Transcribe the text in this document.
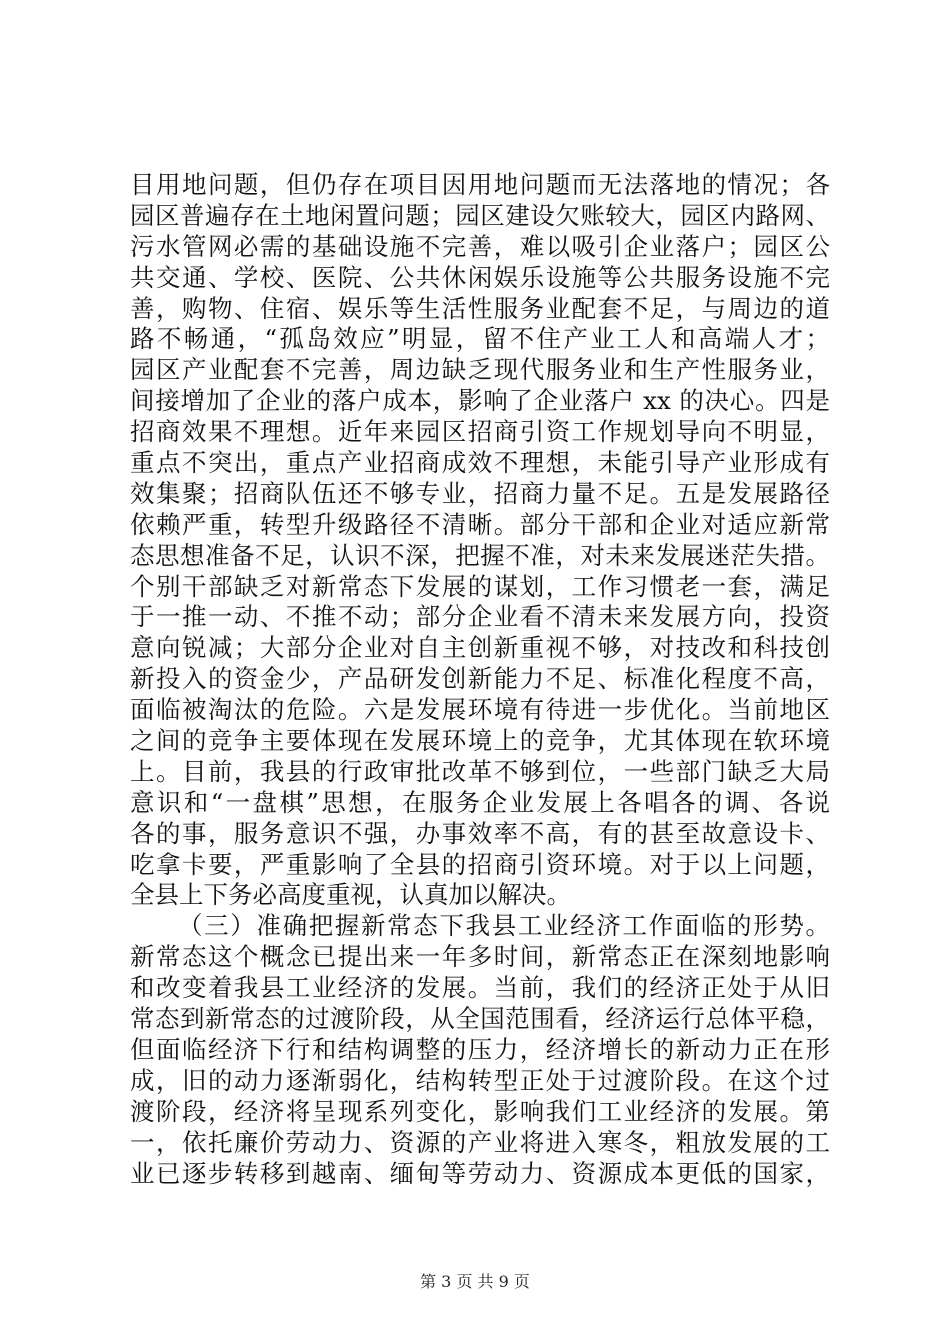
目用地问题，但仍存在项目因用地问题而无法落地的情况；各
园区普遍存在土地闲置问题；园区建设欠账较大，园区内路网、
污水管网必需的基础设施不完善，难以吸引企业落户；园区公
共交通、学校、医院、公共休闲娱乐设施等公共服务设施不完
善，购物、住宿、娱乐等生活性服务业配套不足，与周边的道
路不畅通，“孤岛效应”明显，留不住产业工人和高端人才；
园区产业配套不完善，周边缺乏现代服务业和生产性服务业，
间接增加了企业的落户成本，影响了企业落户 xx 的决心。四是
招商效果不理想。近年来园区招商引资工作规划导向不明显，
重点不突出，重点产业招商成效不理想，未能引导产业形成有
效集聚；招商队伍还不够专业，招商力量不足。五是发展路径
依赖严重，转型升级路径不清晰。部分干部和企业对适应新常
态思想准备不足，认识不深，把握不准，对未来发展迷茫失措。
个别干部缺乏对新常态下发展的谋划，工作习惯老一套，满足
于一推一动、不推不动；部分企业看不清未来发展方向，投资
意向锐减；大部分企业对自主创新重视不够，对技改和科技创
新投入的资金少，产品研发创新能力不足、标准化程度不高，
面临被淘汰的危险。六是发展环境有待进一步优化。当前地区
之间的竞争主要体现在发展环境上的竞争，尤其体现在软环境
上。目前，我县的行政审批改革不够到位，一些部门缺乏大局
意识和“一盘棋”思想，在服务企业发展上各唱各的调、各说
各的事，服务意识不强，办事效率不高，有的甚至故意设卡、
吃拿卡要，严重影响了全县的招商引资环境。对于以上问题，
全县上下务必高度重视，认真加以解决。
（三）准确把握新常态下我县工业经济工作面临的形势。
新常态这个概念已提出来一年多时间，新常态正在深刻地影响
和改变着我县工业经济的发展。当前，我们的经济正处于从旧
常态到新常态的过渡阶段，从全国范围看，经济运行总体平稳，
但面临经济下行和结构调整的压力，经济增长的新动力正在形
成，旧的动力逐渐弱化，结构转型正处于过渡阶段。在这个过
渡阶段，经济将呈现系列变化，影响我们工业经济的发展。第
一，依托廉价劳动力、资源的产业将进入寒冬，粗放发展的工
业已逐步转移到越南、缅甸等劳动力、资源成本更低的国家，
第 3 页 共 9 页
